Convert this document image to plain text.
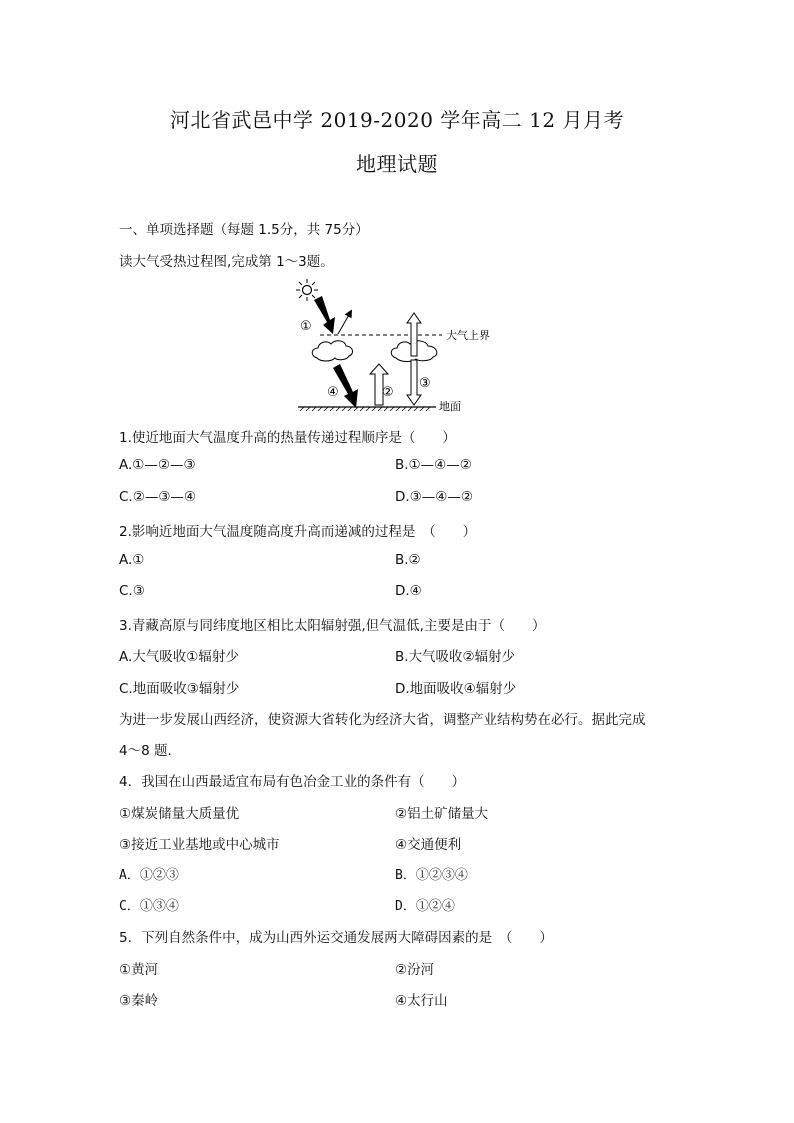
河北省武邑中学 2019-2020 学年高二 12 月月考
地理试题
一、单项选择题（每题 1.5分，共 75分）
读大气受热过程图,完成第 1～3题。
大气上界
①
④	②
③
地面
1.使近地面大气温度升高的热量传递过程顺序是（　　）
A.①—②—③	B.①—④—②
C.②—③—④	D.③—④—②
2.影响近地面大气温度随高度升高而递减的过程是　（　　）
A.①	B.②
C.③	D.④
3.青藏高原与同纬度地区相比太阳辐射强,但气温低,主要是由于（　　）
A.大气吸收①辐射少	B.大气吸收②辐射少
C.地面吸收③辐射少	D.地面吸收④辐射少
为进一步发展山西经济，使资源大省转化为经济大省，调整产业结构势在必行。据此完成
4～8 题.
4．我国在山西最适宜布局有色冶金工业的条件有（　　）
①煤炭储量大质量优	②铝土矿储量大
③接近工业基地或中心城市	④交通便利
A．①②③	B．①②③④
C．①③④	D．①②④
5．下列自然条件中，成为山西外运交通发展两大障碍因素的是　（　　）
①黄河	②汾河
③秦岭	④太行山
